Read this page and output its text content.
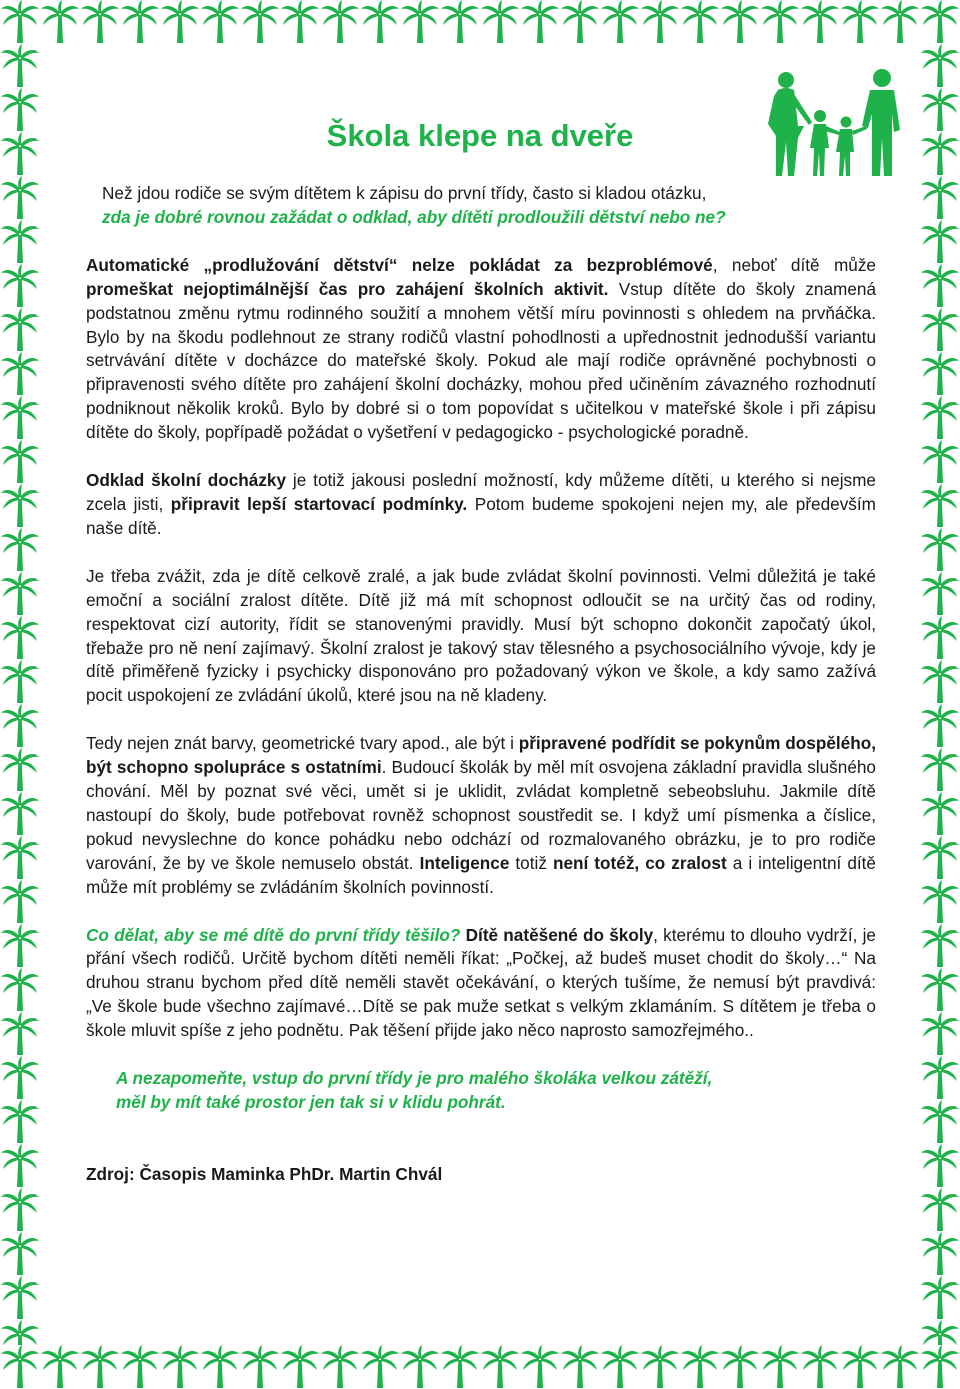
Škola klepe na dveře

Než jdou rodiče se svým dítětem k zápisu do první třídy, často si kladou otázku,
zda je dobré rovnou zažádat o odklad, aby dítěti prodloužili dětství nebo ne?

Automatické „prodlužování dětství“ nelze pokládat za bezproblémové, neboť dítě může promeškat nejoptimálnější čas pro zahájení školních aktivit. Vstup dítěte do školy znamená podstatnou změnu rytmu rodinného soužití a mnohem větší míru povinnosti s ohledem na prvňáčka. Bylo by na škodu podlehnout ze strany rodičů vlastní pohodlnosti a upřednostnit jednodušší variantu setrvávání dítěte v docházce do mateřské školy. Pokud ale mají rodiče oprávněné pochybnosti o připravenosti svého dítěte pro zahájení školní docházky, mohou před učiněním závazného rozhodnutí podniknout několik kroků. Bylo by dobré si o tom popovídat s učitelkou v mateřské škole i při zápisu dítěte do školy, popřípadě požádat o vyšetření v pedagogicko - psychologické poradně.

Odklad školní docházky je totiž jakousi poslední možností, kdy můžeme dítěti, u kterého si nejsme zcela jisti, připravit lepší startovací podmínky. Potom budeme spokojeni nejen my, ale především naše dítě.

Je třeba zvážit, zda je dítě celkově zralé, a jak bude zvládat školní povinnosti. Velmi důležitá je také emoční a sociální zralost dítěte. Dítě již má mít schopnost odloučit se na určitý čas od rodiny, respektovat cizí autority, řídit se stanovenými pravidly. Musí být schopno dokončit započatý úkol, třebaže pro ně není zajímavý. Školní zralost je takový stav tělesného a psychosociálního vývoje, kdy je dítě přiměřeně fyzicky i psychicky disponováno pro požadovaný výkon ve škole, a kdy samo zažívá pocit uspokojení ze zvládání úkolů, které jsou na ně kladeny.

Tedy nejen znát barvy, geometrické tvary apod., ale být i připravené podřídit se pokynům dospělého, být schopno spolupráce s ostatními. Budoucí školák by měl mít osvojena základní pravidla slušného chování. Měl by poznat své věci, umět si je uklidit, zvládat kompletně sebeobsluhu. Jakmile dítě nastoupí do školy, bude potřebovat rovněž schopnost soustředit se. I když umí písmenka a číslice, pokud nevyslechne do konce pohádku nebo odchází od rozmalovaného obrázku, je to pro rodiče varování, že by ve škole nemuselo obstát. Inteligence totiž není totéž, co zralost a i inteligentní dítě může mít problémy se zvládáním školních povinností.

Co dělat, aby se mé dítě do první třídy těšilo? Dítě natěšené do školy, kterému to dlouho vydrží, je přání všech rodičů. Určitě bychom dítěti neměli říkat: „Počkej, až budeš muset chodit do školy…“ Na druhou stranu bychom před dítě neměli stavět očekávání, o kterých tušíme, že nemusí být pravdivá: „Ve škole bude všechno zajímavé…Dítě se pak muže setkat s velkým zklamáním. S dítětem je třeba o škole mluvit spíše z jeho podnětu. Pak těšení přijde jako něco naprosto samozřejmého..

A nezapomeňte, vstup do první třídy je pro malého školáka velkou zátěží,
měl by mít také prostor jen tak si v klidu pohrát.

Zdroj: Časopis Maminka PhDr. Martin Chvál
